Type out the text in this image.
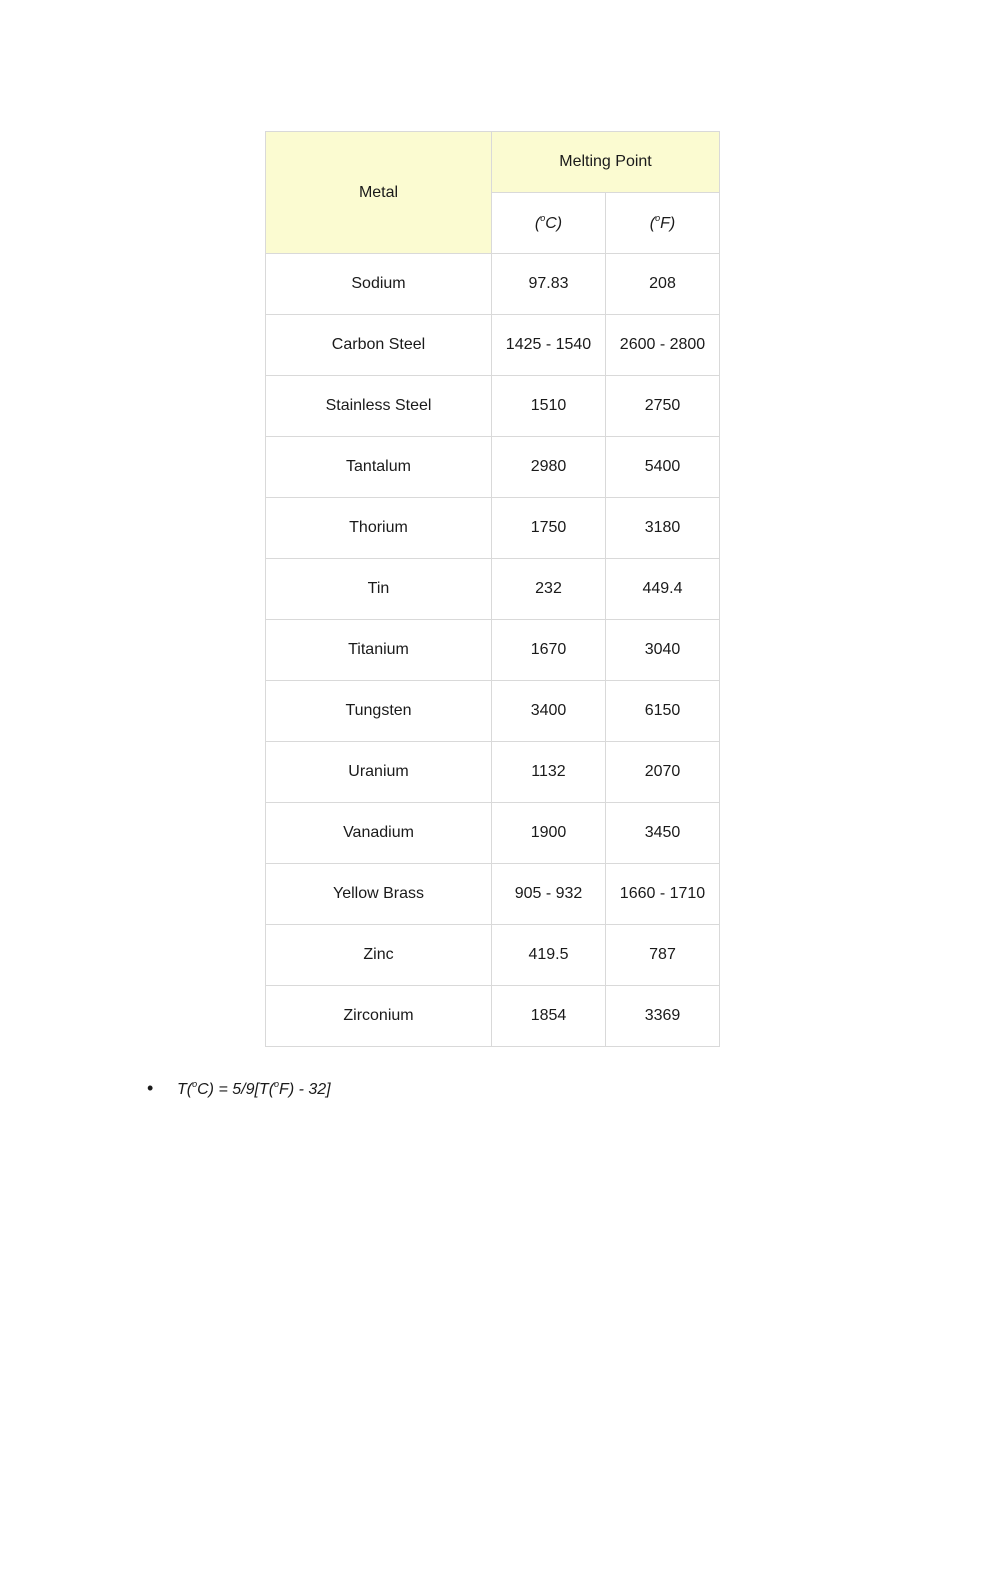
Metal	Melting Point	
	($^o$C)	($^o$F)
Sodium	97.83	208
Carbon Steel	1425 - 1540	2600 - 2800
Stainless Steel	1510	2750
Tantalum	2980	5400
Thorium	1750	3180
Tin	232	449.4
Titanium	1670	3040
Tungsten	3400	6150
Uranium	1132	2070
Vanadium	1900	3450
Yellow Brass	905 - 932	1660 - 1710
Zinc	419.5	787
Zirconium	1854	3369
•	T($^o$C) = 5/9[T($^o$F) - 32]
